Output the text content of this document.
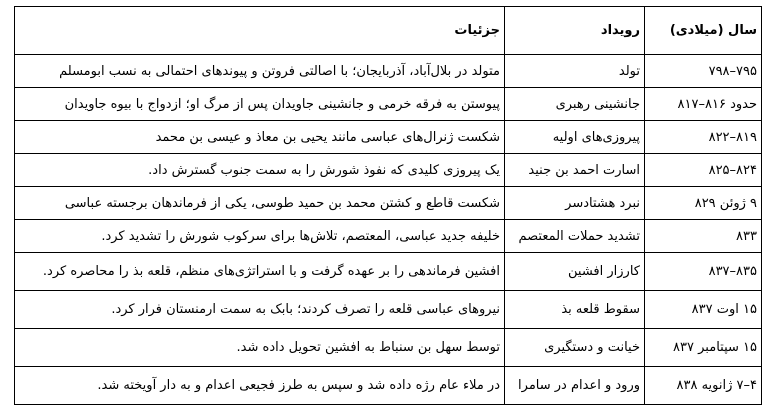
سال (میلادی)	رویداد	جزئیات
۷۹۵–۷۹۸	تولد	متولد در بلال‌آباد، آذربایجان؛ با اصالتی فروتن و پیوندهای احتمالی به نسب ابومسلم
حدود ۸۱۶–۸۱۷	جانشینی رهبری	پیوستن به فرقه خرمی و جانشینی جاویدان پس از مرگ او؛ ازدواج با بیوه جاویدان
۸۱۹–۸۲۲	پیروزی‌های اولیه	شکست ژنرال‌های عباسی مانند یحیی بن معاذ و عیسی بن محمد
۸۲۴–۸۲۵	اسارت احمد بن جنید	یک پیروزی کلیدی که نفوذ شورش را به سمت جنوب گسترش داد.
۹ ژوئن ۸۲۹	نبرد هشتادسر	شکست قاطع و کشتن محمد بن حمید طوسی، یکی از فرماندهان برجسته عباسی
۸۳۳	تشدید حملات المعتصم	خلیفه جدید عباسی، المعتصم، تلاش‌ها برای سرکوب شورش را تشدید کرد.
۸۳۵–۸۳۷	کارزار افشین	افشین فرماندهی را بر عهده گرفت و با استراتژی‌های منظم، قلعه بذ را محاصره کرد.
۱۵ اوت ۸۳۷	سقوط قلعه بذ	نیروهای عباسی قلعه را تصرف کردند؛ بابک به سمت ارمنستان فرار کرد.
۱۵ سپتامبر ۸۳۷	خیانت و دستگیری	توسط سهل بن سنباط به افشین تحویل داده شد.
۴–۷ ژانویه ۸۳۸	ورود و اعدام در سامرا	در ملاء عام رژه داده شد و سپس به طرز فجیعی اعدام و به دار آویخته شد.
